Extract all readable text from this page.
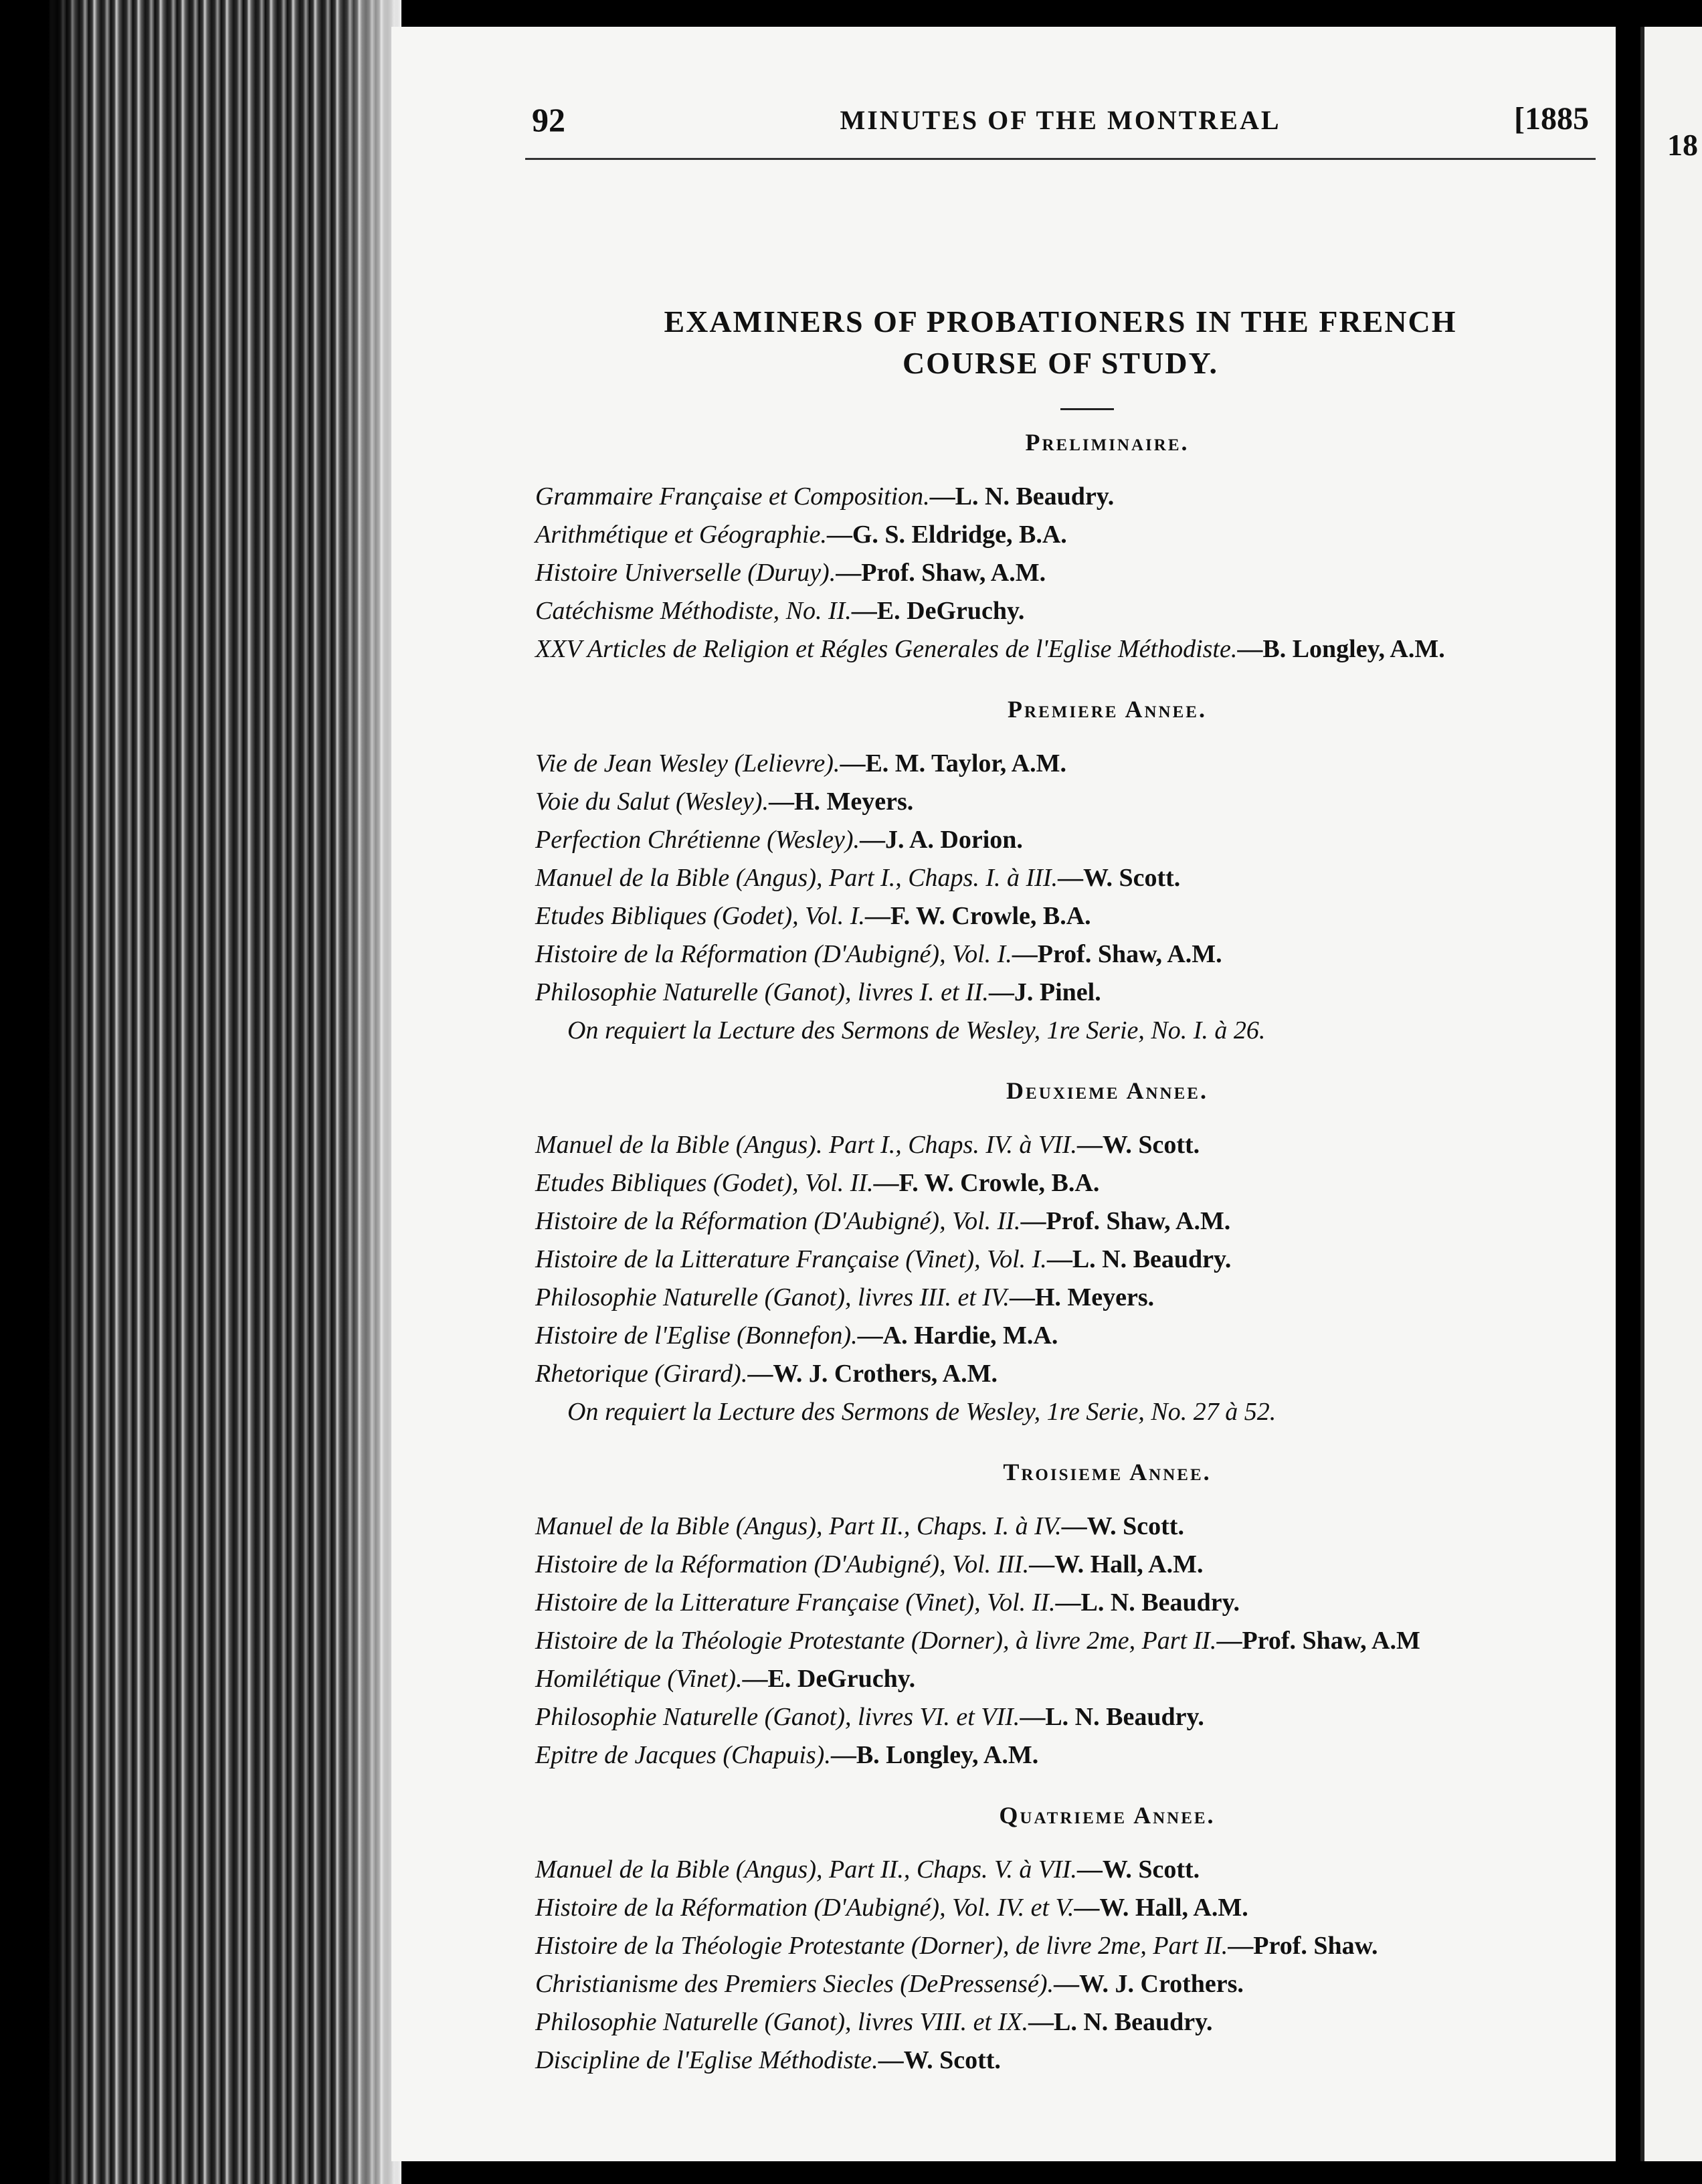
18
92	MINUTES OF THE MONTREAL	[1885
EXAMINERS OF PROBATIONERS IN THE FRENCH
COURSE OF STUDY.
Preliminaire.
Grammaire Française et Composition.—L. N. Beaudry.
Arithmétique et Géographie.—G. S. Eldridge, B.A.
Histoire Universelle (Duruy).—Prof. Shaw, A.M.
Catéchisme Méthodiste, No. II.—E. DeGruchy.
XXV Articles de Religion et Régles Generales de l'Eglise Méthodiste.—B. Longley, A.M.
Premiere Annee.
Vie de Jean Wesley (Lelievre).—E. M. Taylor, A.M.
Voie du Salut (Wesley).—H. Meyers.
Perfection Chrétienne (Wesley).—J. A. Dorion.
Manuel de la Bible (Angus), Part I., Chaps. I. à III.—W. Scott.
Etudes Bibliques (Godet), Vol. I.—F. W. Crowle, B.A.
Histoire de la Réformation (D'Aubigné), Vol. I.—Prof. Shaw, A.M.
Philosophie Naturelle (Ganot), livres I. et II.—J. Pinel.
On requiert la Lecture des Sermons de Wesley, 1re Serie, No. I. à 26.
Deuxieme Annee.
Manuel de la Bible (Angus). Part I., Chaps. IV. à VII.—W. Scott.
Etudes Bibliques (Godet), Vol. II.—F. W. Crowle, B.A.
Histoire de la Réformation (D'Aubigné), Vol. II.—Prof. Shaw, A.M.
Histoire de la Litterature Française (Vinet), Vol. I.—L. N. Beaudry.
Philosophie Naturelle (Ganot), livres III. et IV.—H. Meyers.
Histoire de l'Eglise (Bonnefon).—A. Hardie, M.A.
Rhetorique (Girard).—W. J. Crothers, A.M.
On requiert la Lecture des Sermons de Wesley, 1re Serie, No. 27 à 52.
Troisieme Annee.
Manuel de la Bible (Angus), Part II., Chaps. I. à IV.—W. Scott.
Histoire de la Réformation (D'Aubigné), Vol. III.—W. Hall, A.M.
Histoire de la Litterature Française (Vinet), Vol. II.—L. N. Beaudry.
Histoire de la Théologie Protestante (Dorner), à livre 2me, Part II.—Prof. Shaw, A.M
Homilétique (Vinet).—E. DeGruchy.
Philosophie Naturelle (Ganot), livres VI. et VII.—L. N. Beaudry.
Epitre de Jacques (Chapuis).—B. Longley, A.M.
Quatrieme Annee.
Manuel de la Bible (Angus), Part II., Chaps. V. à VII.—W. Scott.
Histoire de la Réformation (D'Aubigné), Vol. IV. et V.—W. Hall, A.M.
Histoire de la Théologie Protestante (Dorner), de livre 2me, Part II.—Prof. Shaw.
Christianisme des Premiers Siecles (DePressensé).—W. J. Crothers.
Philosophie Naturelle (Ganot), livres VIII. et IX.—L. N. Beaudry.
Discipline de l'Eglise Méthodiste.—W. Scott.
